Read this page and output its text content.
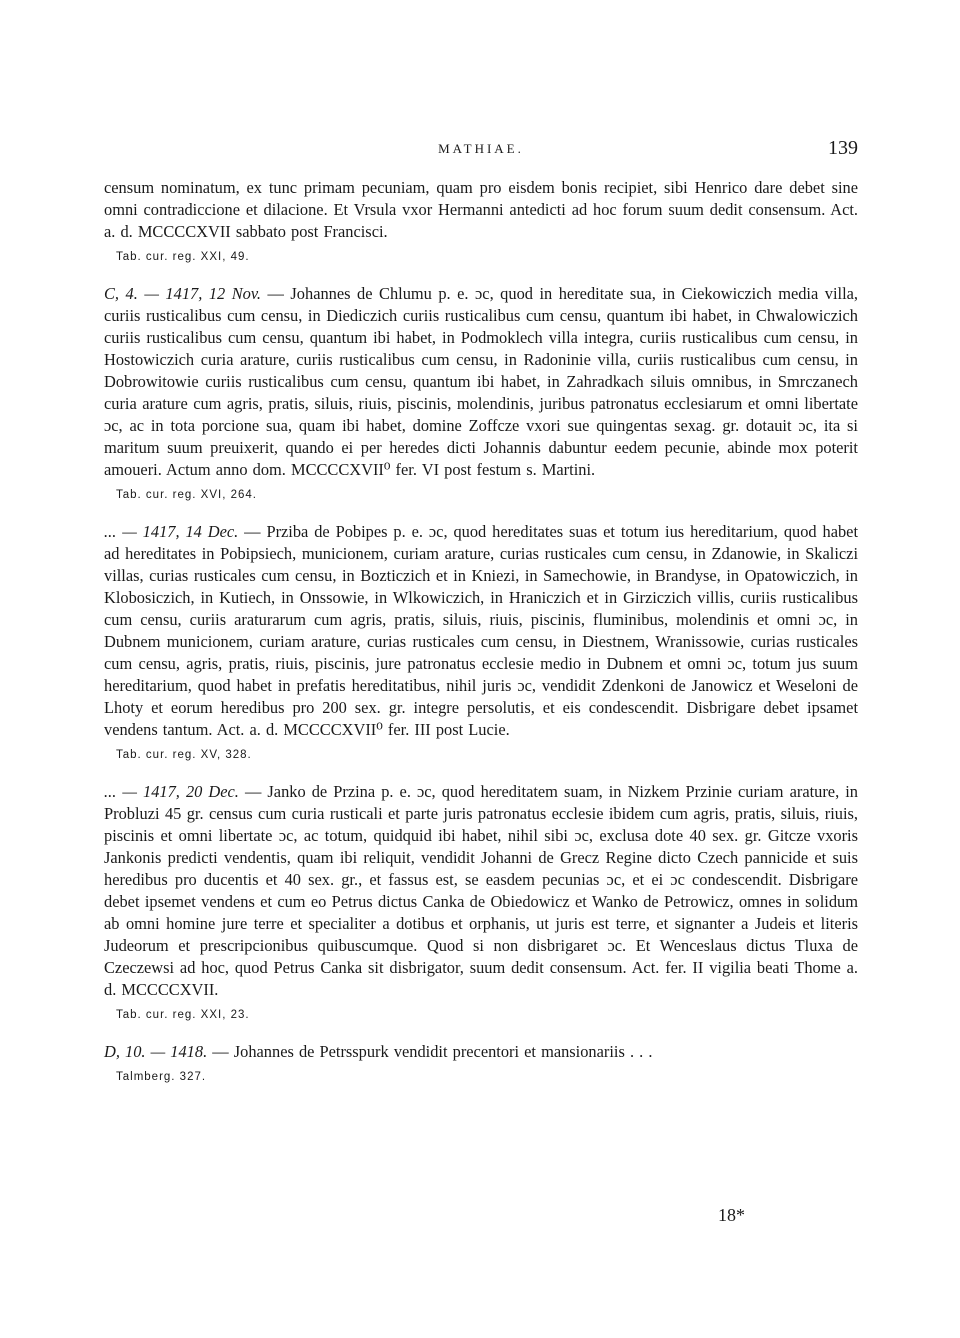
MATHIAE.	139

censum nominatum, ex tunc primam pecuniam, quam pro eisdem bonis recipiet, sibi Henrico dare debet sine omni contradiccione et dilacione. Et Vrsula vxor Hermanni antedicti ad hoc forum suum dedit consensum. Act. a. d. MCCCCXVII sabbato post Francisci.

Tab. cur. reg. XXI, 49.

C, 4. — 1417, 12 Nov. — Johannes de Chlumu p. e. ɔc, quod in hereditate sua, in Ciekowiczich media villa, curiis rusticalibus cum censu, in Diediczich curiis rusticalibus cum censu, quantum ibi habet, in Chwalowiczich curiis rusticalibus cum censu, quantum ibi habet, in Podmoklech villa integra, curiis rusticalibus cum censu, in Hostowiczich curia arature, curiis rusticalibus cum censu, in Radoninie villa, curiis rusticalibus cum censu, in Dobrowitowie curiis rusticalibus cum censu, quantum ibi habet, in Zahradkach siluis omnibus, in Smrczanech curia arature cum agris, pratis, siluis, riuis, piscinis, molendinis, juribus patronatus ecclesiarum et omni libertate ɔc, ac in tota porcione sua, quam ibi habet, domine Zoffcze vxori sue quingentas sexag. gr. dotauit ɔc, ita si maritum suum preuixerit, quando ei per heredes dicti Johannis dabuntur eedem pecunie, abinde mox poterit amoueri. Actum anno dom. MCCCCXVII⁰ fer. VI post festum s. Martini.

Tab. cur. reg. XVI, 264.

... — 1417, 14 Dec. — Prziba de Pobipes p. e. ɔc, quod hereditates suas et totum ius hereditarium, quod habet ad hereditates in Pobipsiech, municionem, curiam arature, curias rusticales cum censu, in Zdanowie, in Skaliczi villas, curias rusticales cum censu, in Bozticzich et in Kniezi, in Samechowie, in Brandyse, in Opatowiczich, in Klobosiczich, in Kutiech, in Onssowie, in Wlkowiczich, in Hraniczich et in Girziczich villis, curiis rusticalibus cum censu, curiis araturarum cum agris, pratis, siluis, riuis, piscinis, fluminibus, molendinis et omni ɔc, in Dubnem municionem, curiam arature, curias rusticales cum censu, in Diestnem, Wranissowie, curias rusticales cum censu, agris, pratis, riuis, piscinis, jure patronatus ecclesie medio in Dubnem et omni ɔc, totum jus suum hereditarium, quod habet in prefatis hereditatibus, nihil juris ɔc, vendidit Zdenkoni de Janowicz et Weseloni de Lhoty et eorum heredibus pro 200 sex. gr. integre persolutis, et eis condescendit. Disbrigare debet ipsamet vendens tantum. Act. a. d. MCCCCXVII⁰ fer. III post Lucie.

Tab. cur. reg. XV, 328.

... — 1417, 20 Dec. — Janko de Przina p. e. ɔc, quod hereditatem suam, in Nizkem Przinie curiam arature, in Probluzi 45 gr. census cum curia rusticali et parte juris patronatus ecclesie ibidem cum agris, pratis, siluis, riuis, piscinis et omni libertate ɔc, ac totum, quidquid ibi habet, nihil sibi ɔc, exclusa dote 40 sex. gr. Gitcze vxoris Jankonis predicti vendentis, quam ibi reliquit, vendidit Johanni de Grecz Regine dicto Czech pannicide et suis heredibus pro ducentis et 40 sex. gr., et fassus est, se easdem pecunias ɔc, et ei ɔc condescendit. Disbrigare debet ipsemet vendens et cum eo Petrus dictus Canka de Obiedowicz et Wanko de Petrowicz, omnes in solidum ab omni homine jure terre et specialiter a dotibus et orphanis, ut juris est terre, et signanter a Judeis et literis Judeorum et prescripcionibus quibuscumque. Quod si non disbrigaret ɔc. Et Wenceslaus dictus Tluxa de Czeczewsi ad hoc, quod Petrus Canka sit disbrigator, suum dedit consensum. Act. fer. II vigilia beati Thome a. d. MCCCCXVII.

Tab. cur. reg. XXI, 23.

D, 10. — 1418. — Johannes de Petrsspurk vendidit precentori et mansionariis . . .

Talmberg. 327.
18*
